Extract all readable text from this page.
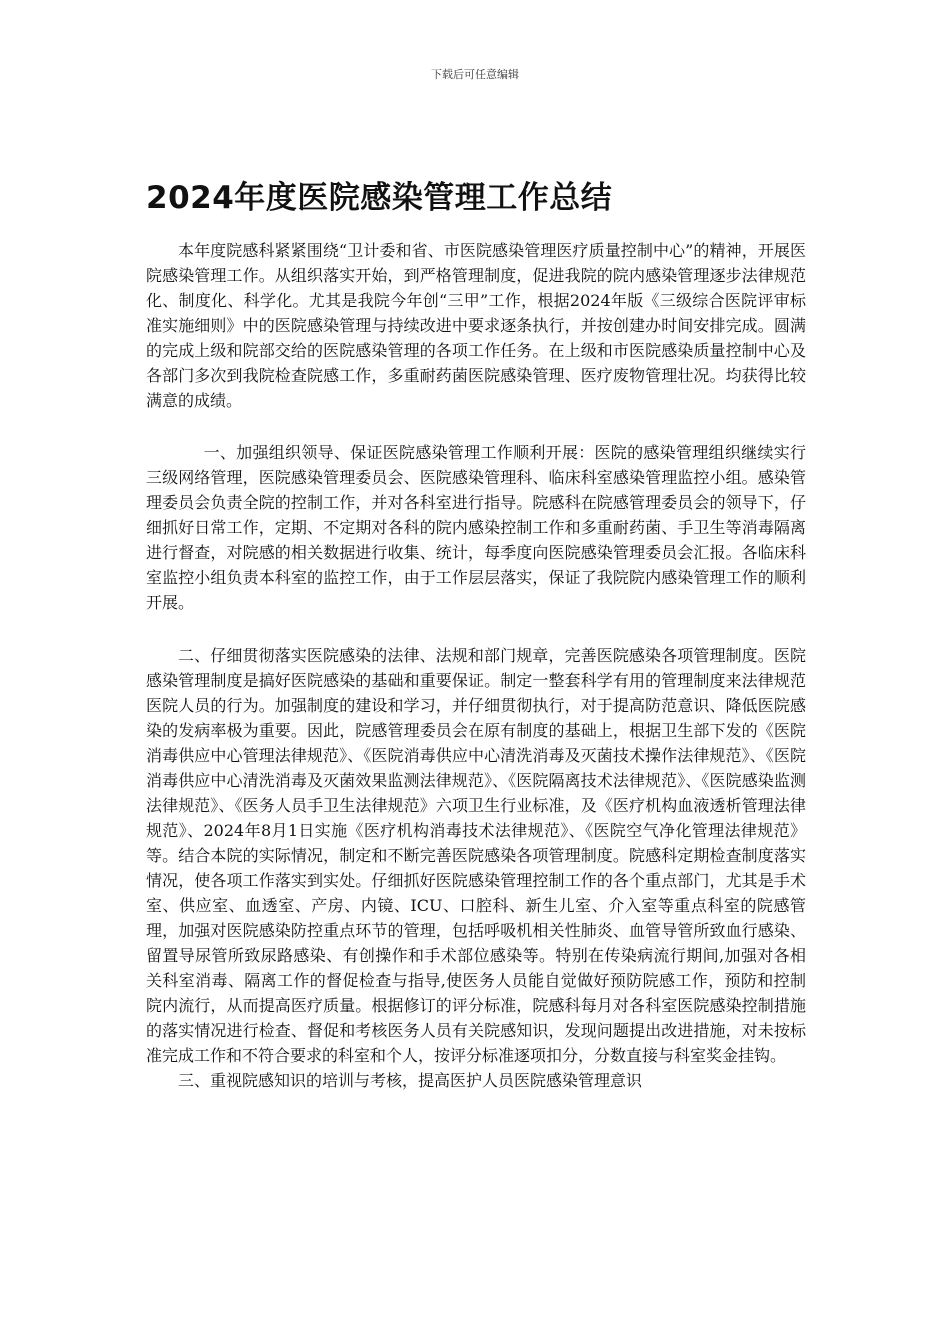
下载后可任意编辑
2024年度医院感染管理工作总结

本年度院感科紧紧围绕“卫计委和省、市医院感染管理医疗质量控制中心”的精神，开展医院感染管理工作。从组织落实开始，到严格管理制度，促进我院的院内感染管理逐步法律规范化、制度化、科学化。尤其是我院今年创“三甲”工作，根据2024年版《三级综合医院评审标准实施细则》中的医院感染管理与持续改进中要求逐条执行，并按创建办时间安排完成。圆满的完成上级和院部交给的医院感染管理的各项工作任务。在上级和市医院感染质量控制中心及各部门多次到我院检查院感工作，多重耐药菌医院感染管理、医疗废物管理壮况。均获得比较满意的成绩。

一、加强组织领导、保证医院感染管理工作顺利开展：医院的感染管理组织继续实行三级网络管理，医院感染管理委员会、医院感染管理科、临床科室感染管理监控小组。感染管理委员会负责全院的控制工作，并对各科室进行指导。院感科在院感管理委员会的领导下，仔细抓好日常工作，定期、不定期对各科的院内感染控制工作和多重耐药菌、手卫生等消毒隔离进行督查，对院感的相关数据进行收集、统计，每季度向医院感染管理委员会汇报。各临床科室监控小组负责本科室的监控工作，由于工作层层落实，保证了我院院内感染管理工作的顺利开展。

二、仔细贯彻落实医院感染的法律、法规和部门规章，完善医院感染各项管理制度。医院感染管理制度是搞好医院感染的基础和重要保证。制定一整套科学有用的管理制度来法律规范医院人员的行为。加强制度的建设和学习，并仔细贯彻执行，对于提高防范意识、降低医院感染的发病率极为重要。因此，院感管理委员会在原有制度的基础上，根据卫生部下发的《医院消毒供应中心管理法律规范》、《医院消毒供应中心清洗消毒及灭菌技术操作法律规范》、《医院消毒供应中心清洗消毒及灭菌效果监测法律规范》、《医院隔离技术法律规范》、《医院感染监测法律规范》、《医务人员手卫生法律规范》六项卫生行业标准，及《医疗机构血液透析管理法律规范》、2024年8月1日实施《医疗机构消毒技术法律规范》、《医院空气净化管理法律规范》等。结合本院的实际情况，制定和不断完善医院感染各项管理制度。院感科定期检查制度落实情况，使各项工作落实到实处。仔细抓好医院感染管理控制工作的各个重点部门，尤其是手术室、供应室、血透室、产房、内镜、ICU、口腔科、新生儿室、介入室等重点科室的院感管理，加强对医院感染防控重点环节的管理，包括呼吸机相关性肺炎、血管导管所致血行感染、留置导尿管所致尿路感染、有创操作和手术部位感染等。特别在传染病流行期间,加强对各相关科室消毒、隔离工作的督促检查与指导,使医务人员能自觉做好预防院感工作，预防和控制院内流行，从而提高医疗质量。根据修订的评分标准，院感科每月对各科室医院感染控制措施的落实情况进行检查、督促和考核医务人员有关院感知识，发现问题提出改进措施，对未按标准完成工作和不符合要求的科室和个人，按评分标准逐项扣分，分数直接与科室奖金挂钩。

三、重视院感知识的培训与考核，提高医护人员医院感染管理意识
